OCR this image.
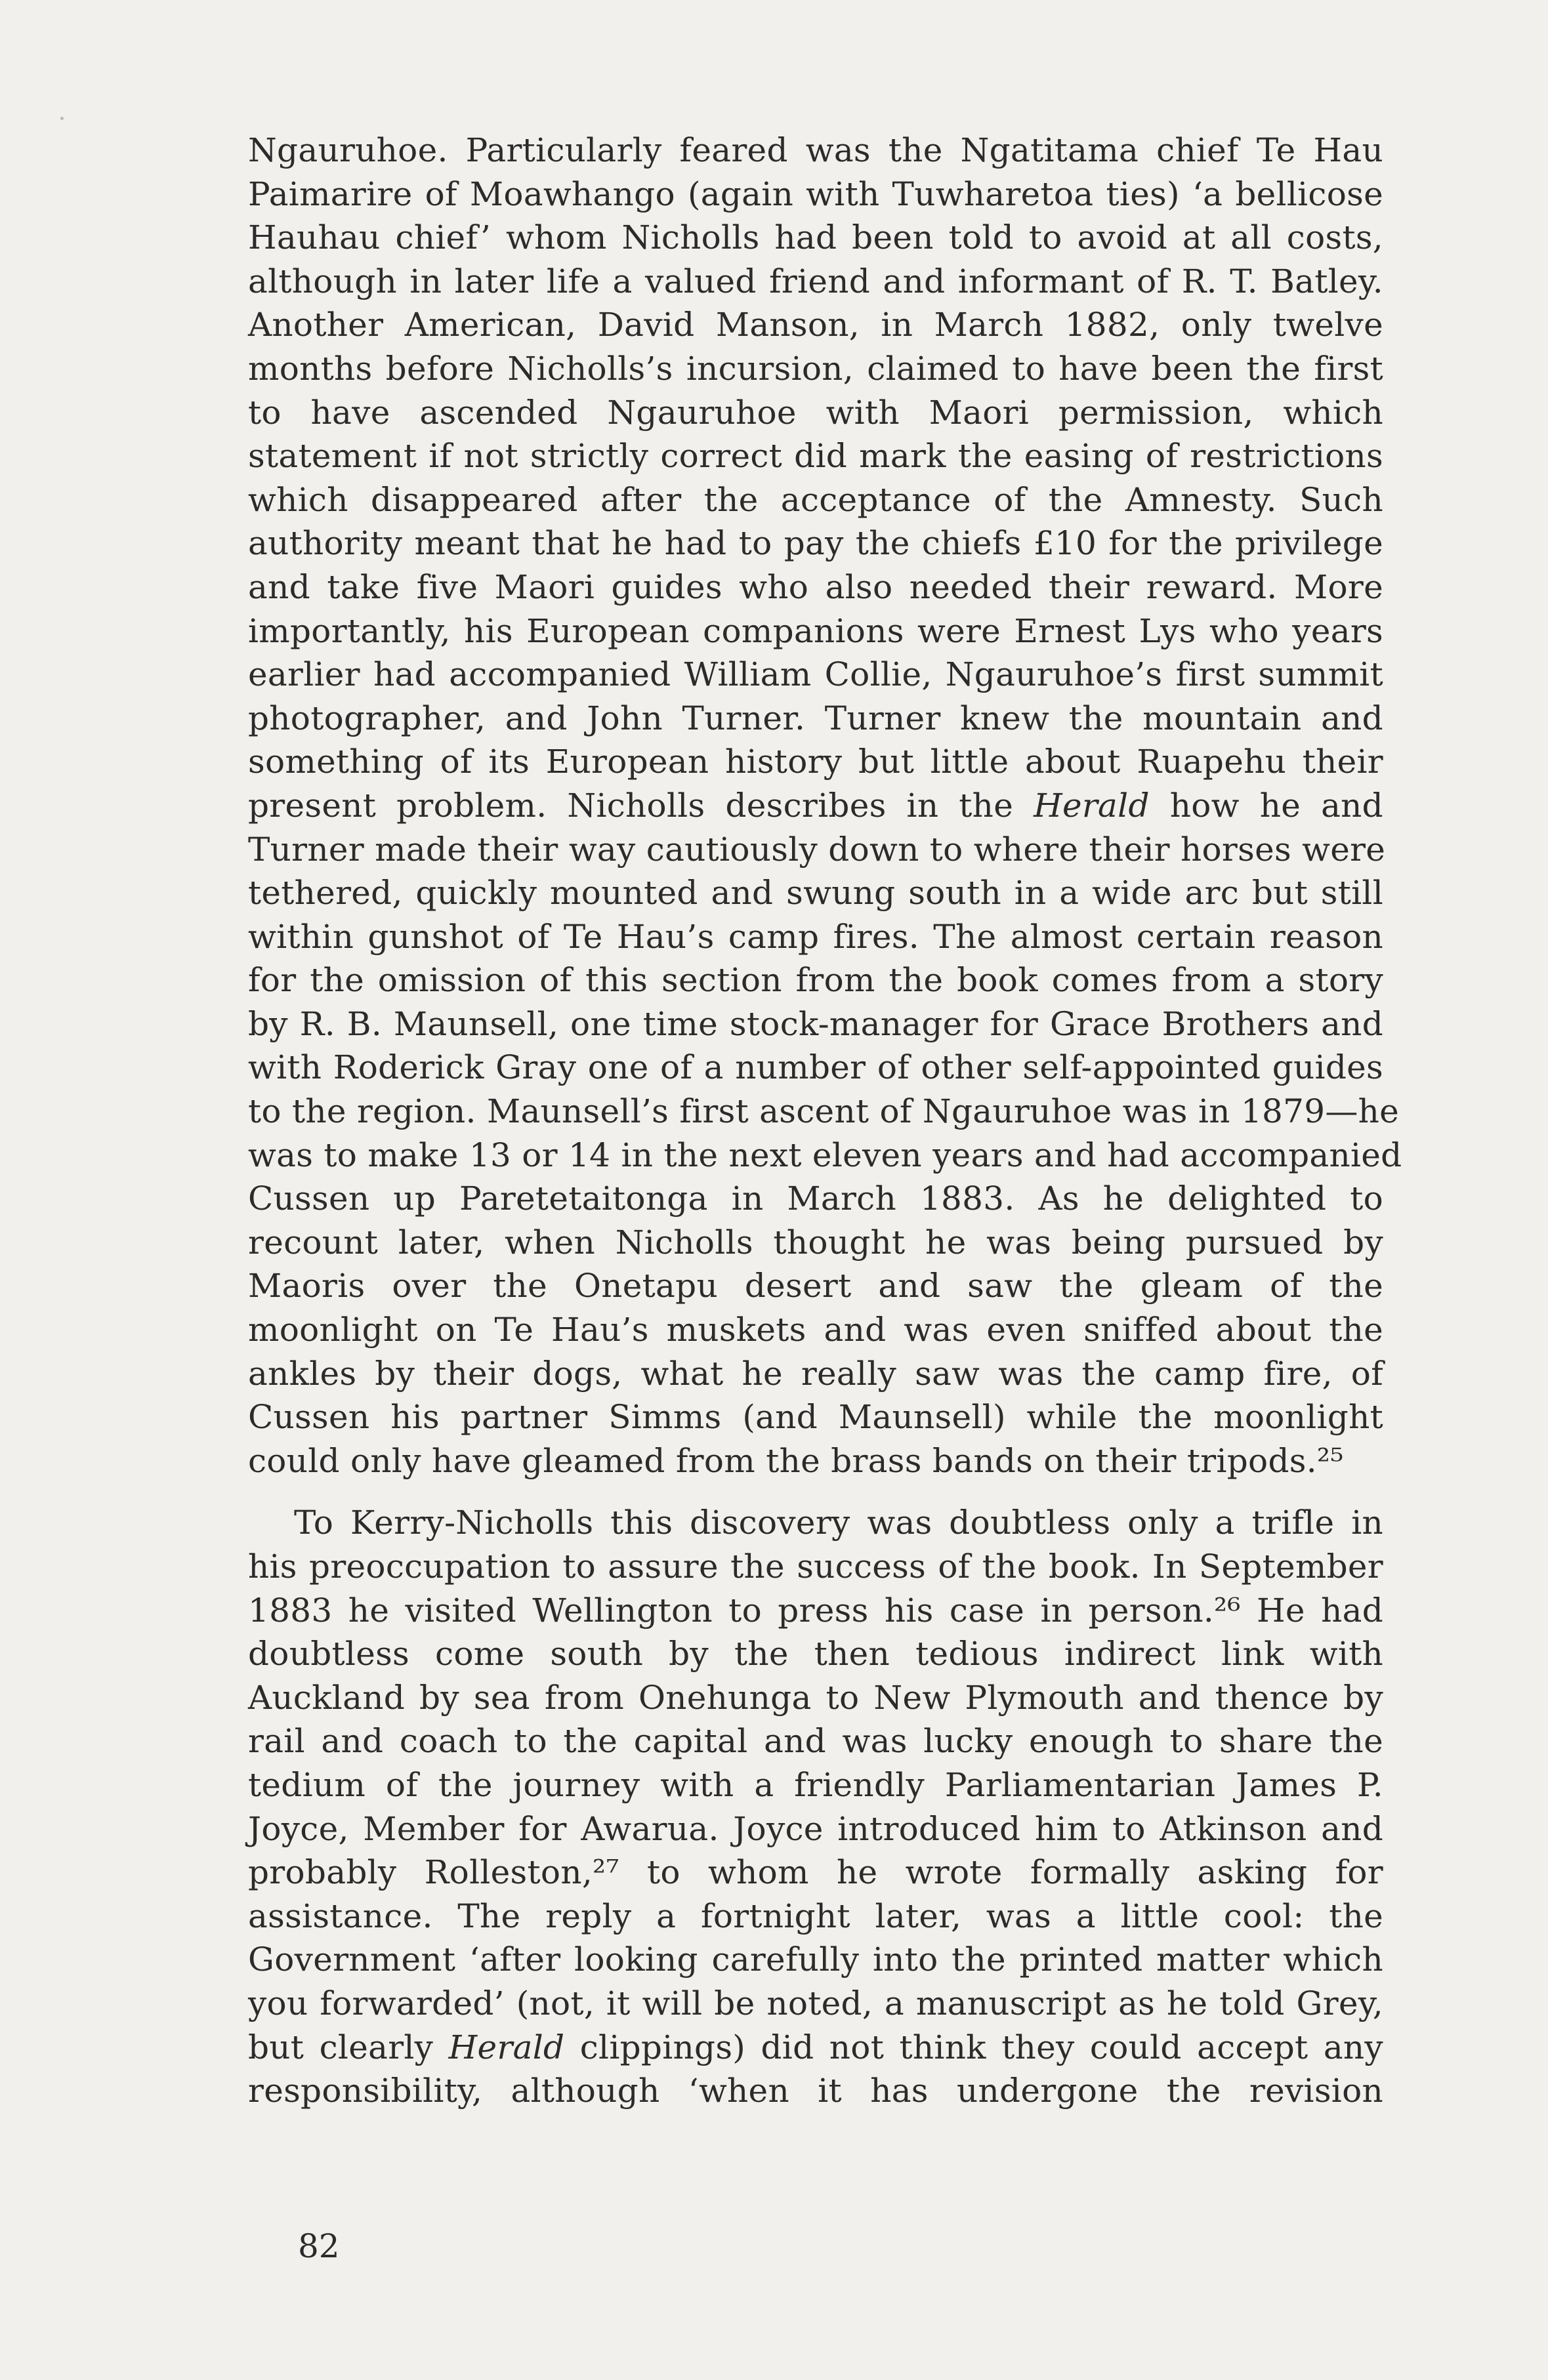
Ngauruhoe. Particularly feared was the Ngatitama chief Te Hau
Paimarire of Moawhango (again with Tuwharetoa ties) ‘a bellicose
Hauhau chief’ whom Nicholls had been told to avoid at all costs,
although in later life a valued friend and informant of R. T. Batley.
Another American, David Manson, in March 1882, only twelve
months before Nicholls’s incursion, claimed to have been the first
to have ascended Ngauruhoe with Maori permission, which
statement if not strictly correct did mark the easing of restrictions
which disappeared after the acceptance of the Amnesty. Such
authority meant that he had to pay the chiefs £10 for the privilege
and take five Maori guides who also needed their reward. More
importantly, his European companions were Ernest Lys who years
earlier had accompanied William Collie, Ngauruhoe’s first summit
photographer, and John Turner. Turner knew the mountain and
something of its European history but little about Ruapehu their
present problem. Nicholls describes in the Herald how he and
Turner made their way cautiously down to where their horses were
tethered, quickly mounted and swung south in a wide arc but still
within gunshot of Te Hau’s camp fires. The almost certain reason
for the omission of this section from the book comes from a story
by R. B. Maunsell, one time stock-manager for Grace Brothers and
with Roderick Gray one of a number of other self-appointed guides
to the region. Maunsell’s first ascent of Ngauruhoe was in 1879—he
was to make 13 or 14 in the next eleven years and had accompanied
Cussen up Paretetaitonga in March 1883. As he delighted to
recount later, when Nicholls thought he was being pursued by
Maoris over the Onetapu desert and saw the gleam of the
moonlight on Te Hau’s muskets and was even sniffed about the
ankles by their dogs, what he really saw was the camp fire, of
Cussen his partner Simms (and Maunsell) while the moonlight
could only have gleamed from the brass bands on their tripods.²⁵
To Kerry-Nicholls this discovery was doubtless only a trifle in
his preoccupation to assure the success of the book. In September
1883 he visited Wellington to press his case in person.²⁶ He had
doubtless come south by the then tedious indirect link with
Auckland by sea from Onehunga to New Plymouth and thence by
rail and coach to the capital and was lucky enough to share the
tedium of the journey with a friendly Parliamentarian James P.
Joyce, Member for Awarua. Joyce introduced him to Atkinson and
probably Rolleston,²⁷ to whom he wrote formally asking for
assistance. The reply a fortnight later, was a little cool: the
Government ‘after looking carefully into the printed matter which
you forwarded’ (not, it will be noted, a manuscript as he told Grey,
but clearly Herald clippings) did not think they could accept any
responsibility, although ‘when it has undergone the revision
82
